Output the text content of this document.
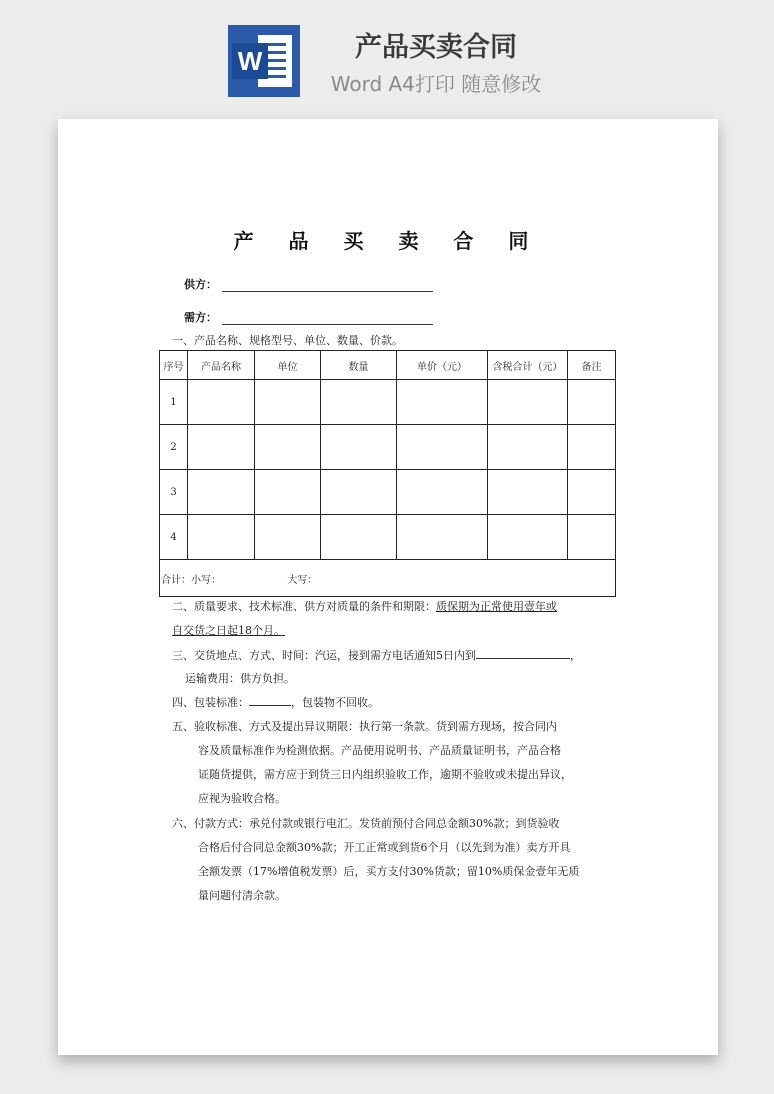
W	产品买卖合同
Word A4打印 随意修改

产 品 买 卖 合 同
供方：
需方：
一、产品名称、规格型号、单位、数量、价款。
序号	产品名称	单位	数量	单价（元）	含税合计（元）	备注
1						
2						
3						
4						
合计：小写： 大写：						
二、质量要求、技术标准、供方对质量的条件和期限：质保期为正常使用壹年或
自交货之日起18个月。
三、交货地点、方式、时间：汽运，接到需方电话通知5日内到	，
运输费用：供方负担。
四、包装标准：	，包装物不回收。
五、验收标准、方式及提出异议期限：执行第一条款。货到需方现场，按合同内
容及质量标准作为检测依据。产品使用说明书、产品质量证明书，产品合格
证随货提供，需方应于到货三日内组织验收工作，逾期不验收或未提出异议，
应视为验收合格。
六、付款方式：承兑付款或银行电汇。发货前预付合同总金额30%款；到货验收
合格后付合同总金额30%款；开工正常或到货6个月（以先到为准）卖方开具
全额发票（17%增值税发票）后，买方支付30%货款；留10%质保金壹年无质
量问题付清余款。
